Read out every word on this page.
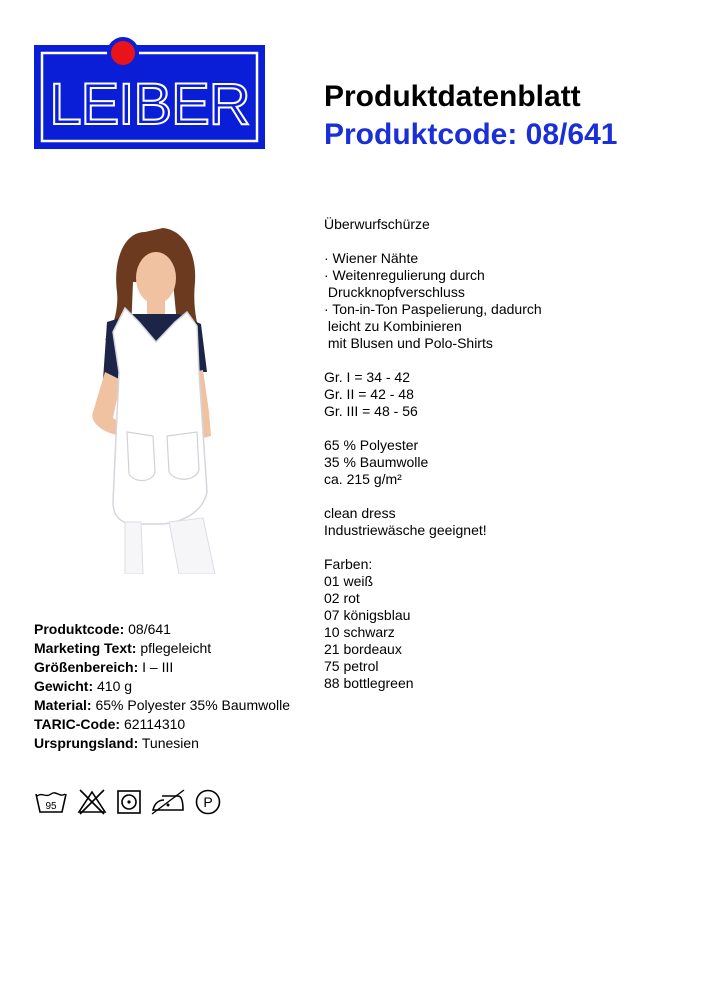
LEIBER Produktdatenblatt
Produktcode: 08/641
Überwurfschürze
· Wiener Nähte
· Weitenregulierung durch
Druckknopfverschluss
· Ton-in-Ton Paspelierung, dadurch
leicht zu Kombinieren
mit Blusen und Polo-Shirts
Gr. I = 34 - 42
Gr. II = 42 - 48
Gr. III = 48 - 56
65 % Polyester
35 % Baumwolle
ca. 215 g/m²
clean dress
Industriewäsche geeignet!
Farben:
01 weiß
02 rot
07 königsblau
10 schwarz
21 bordeaux
75 petrol
88 bottlegreen
Produktcode: 08/641
Marketing Text: pflegeleicht
Größenbereich: I – III
Gewicht: 410 g
Material: 65% Polyester 35% Baumwolle
TARIC-Code: 62114310
Ursprungsland: Tunesien
95	P
